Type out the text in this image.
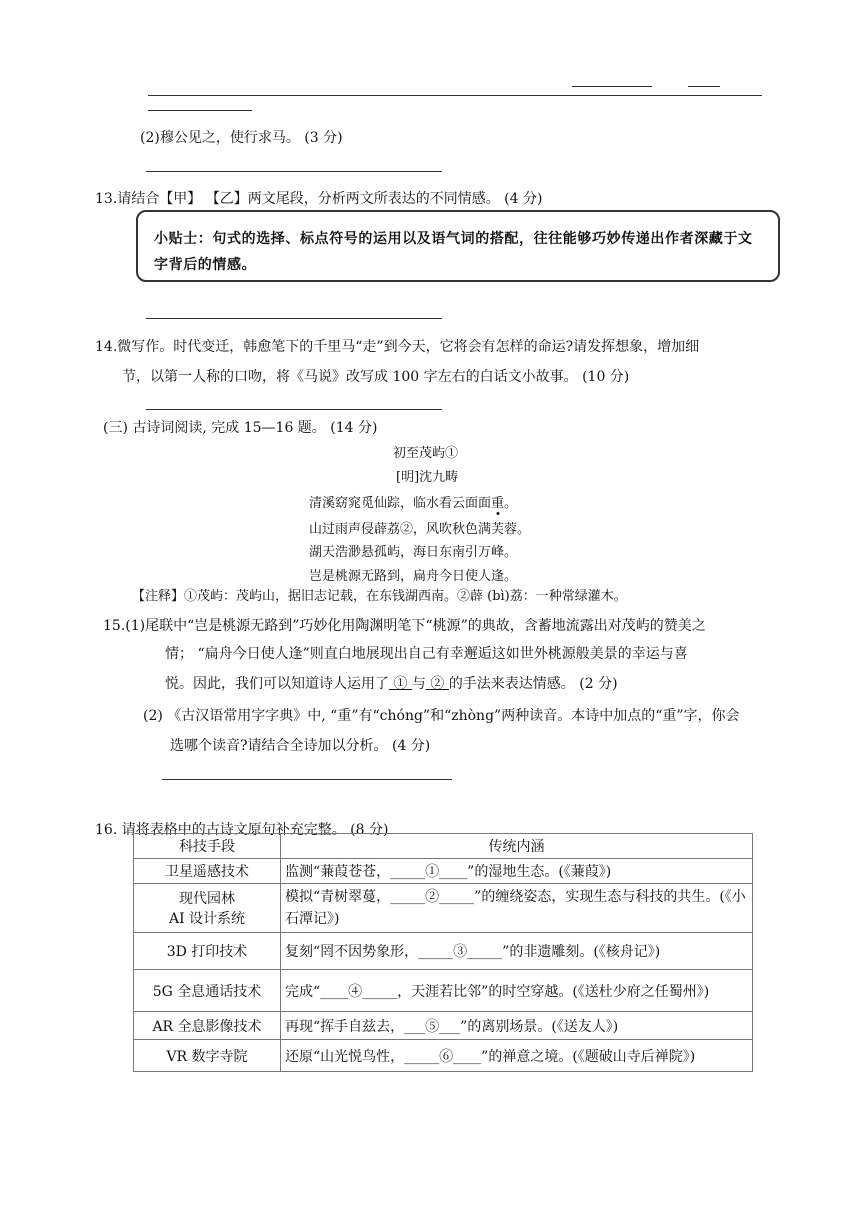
(2)穆公见之，使行求马。 (3 分)
13.请结合【甲】 【乙】两文尾段，分析两文所表达的不同情感。 (4 分)
小贴士：句式的选择、标点符号的运用以及语气词的搭配，往往能够巧妙传递出作者深藏于文字背后的情感。
14.微写作。时代变迁，韩愈笔下的千里马“走”到今天，它将会有怎样的命运?请发挥想象，增加细
节，以第一人称的口吻，将《马说》改写成 100 字左右的白话文小故事。 (10 分)
(三) 古诗词阅读, 完成 15—16 题。 (14 分)
初至茂屿①
[明]沈九畴
清溪窈窕觅仙踪，临水看云面面重。
山过雨声侵薜荔②，风吹秋色满芙蓉。
湖天浩渺悬孤屿，海日东南引万峰。
岂是桃源无路到，扁舟今日使人逢。
【注释】①茂屿：茂屿山，据旧志记载，在东钱湖西南。②薜 (bì)荔：一种常绿灌木。
15.(1)尾联中“岂是桃源无路到”巧妙化用陶渊明笔下“桃源”的典故，含蓄地流露出对茂屿的赞美之
情； “扁舟今日使人逢”则直白地展现出自己有幸邂逅这如世外桃源般美景的幸运与喜
悦。因此，我们可以知道诗人运用了 ① 与 ② 的手法来表达情感。 (2 分)
(2) 《古汉语常用字字典》中, “重”有“chóng”和“zhòng”两种读音。本诗中加点的“重”字，你会
选哪个读音?请结合全诗加以分析。 (4 分)
16. 请将表格中的古诗文原句补充完整。 (8 分)
科技手段	传统内涵
卫星遥感技术	监测“蒹葭苍苍，_____①____”的湿地生态。(《蒹葭》)

现代园林
AI 设计系统	模拟“青树翠蔓，_____②_____”的缠绕姿态，实现生态与科技的共生。(《小石潭记》)
3D 打印技术	复刻“罔不因势象形，_____③_____”的非遗雕刻。(《核舟记》)
5G 全息通话技术	完成“____④_____，天涯若比邻”的时空穿越。(《送杜少府之任蜀州》)
AR 全息影像技术	再现“挥手自兹去，___⑤___”的离别场景。(《送友人》)
VR 数字寺院	还原“山光悦鸟性，_____⑥____”的禅意之境。(《题破山寺后禅院》)
